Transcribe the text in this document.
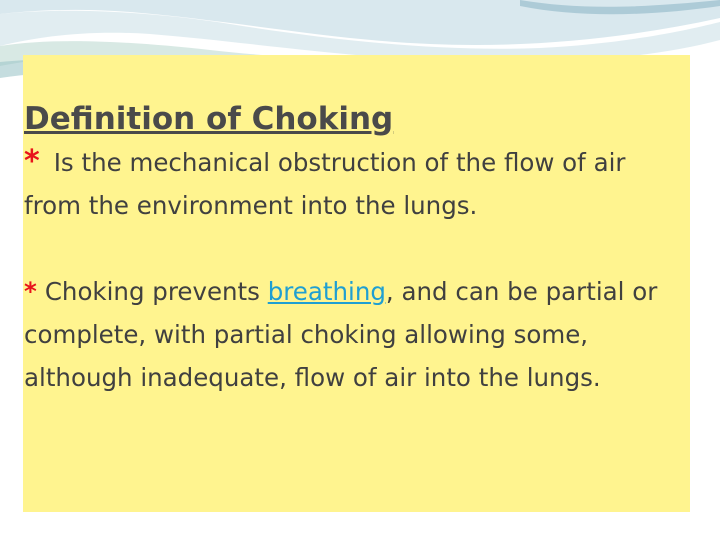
Definition of Choking

* Is the mechanical obstruction of the flow of air from the environment into the lungs.

* Choking prevents breathing, and can be partial or complete, with partial choking allowing some, although inadequate, flow of air into the lungs.
